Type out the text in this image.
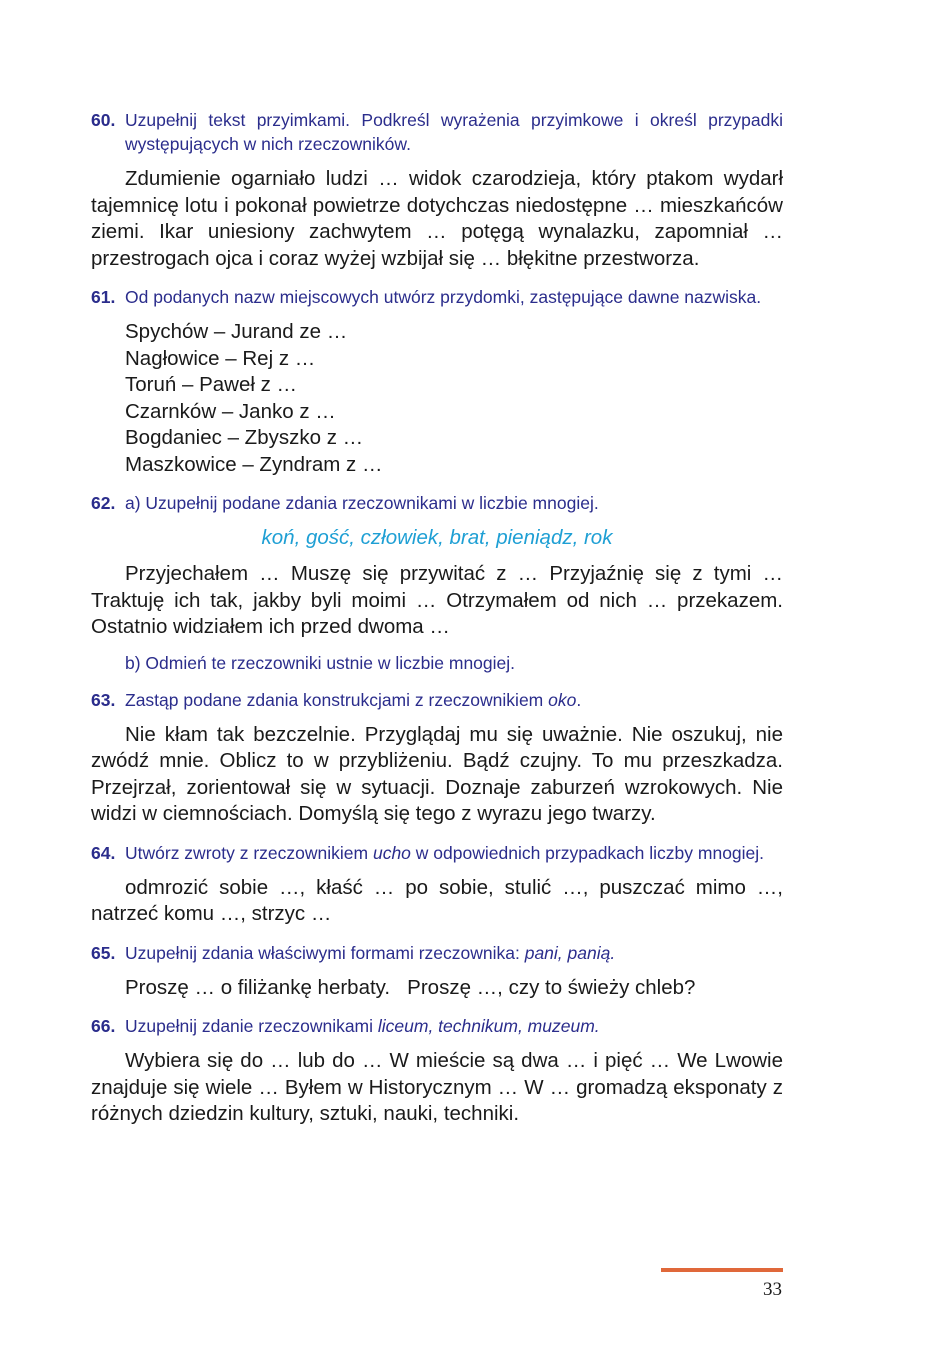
60. Uzupełnij tekst przyimkami. Podkreśl wyrażenia przyimkowe i określ przypadki występujących w nich rzeczowników.
Zdumienie ogarniało ludzi … widok czarodzieja, który ptakom wydarł tajemnicę lotu i pokonał powietrze dotychczas niedostępne … mieszkańców ziemi. Ikar uniesiony zachwytem … potęgą wynalazku, zapomniał … przestrogach ojca i coraz wyżej wzbijał się … błękitne przestworza.
61. Od podanych nazw miejscowych utwórz przydomki, zastępujące dawne nazwiska.
Spychów – Jurand ze …
Nagłowice – Rej z …
Toruń – Paweł z …
Czarnków – Janko z …
Bogdaniec – Zbyszko z …
Maszkowice – Zyndram z …
62. a) Uzupełnij podane zdania rzeczownikami w liczbie mnogiej.
koń, gość, człowiek, brat, pieniądz, rok
Przyjechałem … Muszę się przywitać z … Przyjaźnię się z tymi … Traktuję ich tak, jakby byli moimi … Otrzymałem od nich … przekazem. Ostatnio widziałem ich przed dwoma …
b) Odmień te rzeczowniki ustnie w liczbie mnogiej.
63. Zastąp podane zdania konstrukcjami z rzeczownikiem oko.
Nie kłam tak bezczelnie. Przyglądaj mu się uważnie. Nie oszukuj, nie zwódź mnie. Oblicz to w przybliżeniu. Bądź czujny. To mu przeszkadza. Przejrzał, zorientował się w sytuacji. Doznaje zaburzeń wzrokowych. Nie widzi w ciemnościach. Domyślą się tego z wyrazu jego twarzy.
64. Utwórz zwroty z rzeczownikiem ucho w odpowiednich przypadkach liczby mnogiej.
odmrozić sobie …, kłaść … po sobie, stulić …, puszczać mimo …, natrzeć komu …, strzyc …
65. Uzupełnij zdania właściwymi formami rzeczownika: pani, panią.
Proszę … o filiżankę herbaty.   Proszę …, czy to świeży chleb?
66. Uzupełnij zdanie rzeczownikami liceum, technikum, muzeum.
Wybiera się do … lub do … W mieście są dwa … i pięć … We Lwowie znajduje się wiele … Byłem w Historycznym … W … gromadzą eksponaty z różnych dziedzin kultury, sztuki, nauki, techniki.
33
